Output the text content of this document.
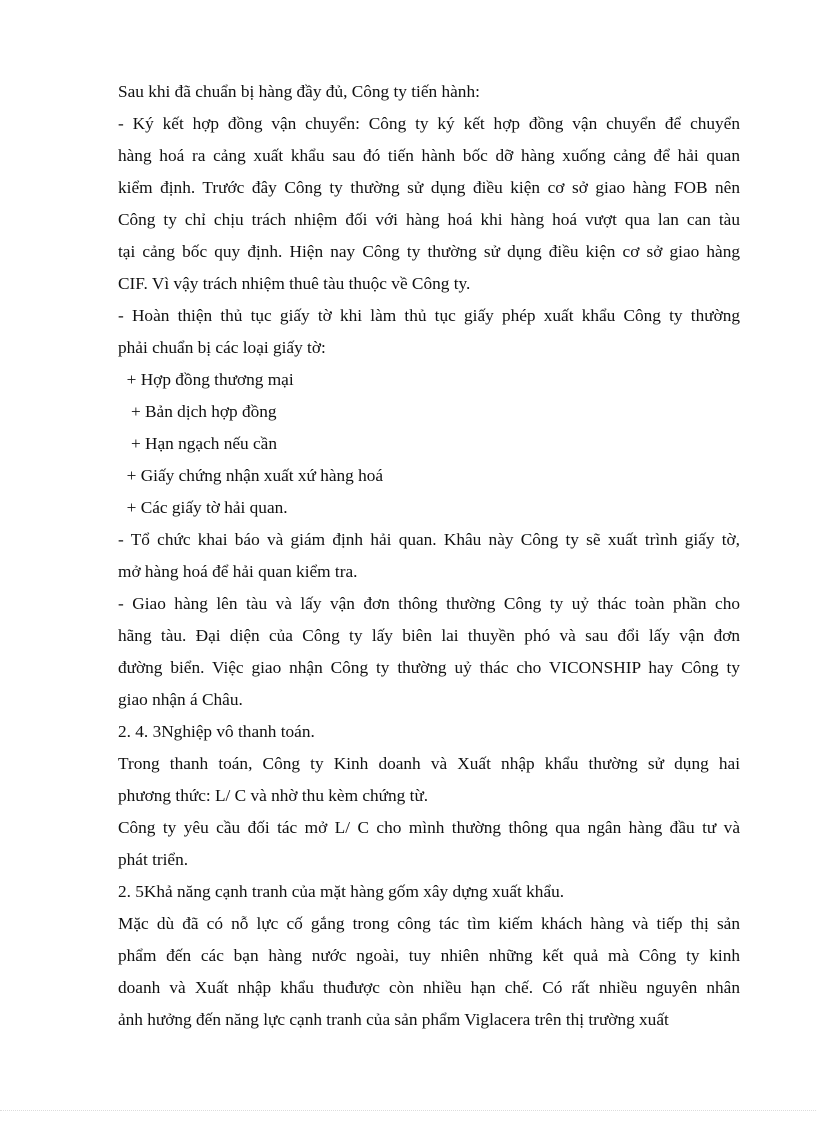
Sau khi đã chuẩn bị hàng đầy đủ, Công ty tiến hành:
- Ký kết hợp đồng vận chuyển: Công ty ký kết hợp đồng vận chuyển để chuyển
hàng hoá ra cảng xuất khẩu sau đó tiến hành bốc dỡ hàng xuống cảng để hải quan
kiểm định. Trước đây Công ty thường sử dụng điều kiện cơ sở giao hàng FOB nên
Công ty chỉ chịu trách nhiệm đối với hàng hoá khi hàng hoá vượt qua lan can tàu
tại cảng bốc quy định. Hiện nay Công ty thường sử dụng điều kiện cơ sở giao hàng
CIF. Vì vậy trách nhiệm thuê tàu thuộc về Công ty.
- Hoàn thiện thủ tục giấy tờ khi làm thủ tục giấy phép xuất khẩu Công ty thường
phải chuẩn bị các loại giấy tờ:
+ Hợp đồng thương mại
+ Bản dịch hợp đồng
+ Hạn ngạch nếu cần
+ Giấy chứng nhận xuất xứ hàng hoá
+ Các giấy tờ hải quan.
- Tổ chức khai báo và giám định hải quan. Khâu này Công ty sẽ xuất trình giấy tờ,
mở hàng hoá để hải quan kiểm tra.
- Giao hàng lên tàu và lấy vận đơn thông thường Công ty uỷ thác toàn phần cho
hãng tàu. Đại diện của Công ty lấy biên lai thuyền phó và sau đổi lấy vận đơn
đường biển. Việc giao nhận Công ty thường uỷ thác cho VICONSHIP hay Công ty
giao nhận á Châu.
2. 4. 3Nghiệp vô thanh toán.
Trong thanh toán, Công ty Kinh doanh và Xuất nhập khẩu thường sử dụng hai
phương thức: L/ C và nhờ thu kèm chứng từ.
Công ty yêu cầu đối tác mở L/ C cho mình thường thông qua ngân hàng đầu tư và
phát triển.
2. 5Khả năng cạnh tranh của mặt hàng gốm xây dựng xuất khẩu.
Mặc dù đã có nỗ lực cố gắng trong công tác tìm kiếm khách hàng và tiếp thị sản
phẩm đến các bạn hàng nước ngoài, tuy nhiên những kết quả mà Công ty kinh
doanh và Xuất nhập khẩu thuđược còn nhiều hạn chế. Có rất nhiều nguyên nhân
ảnh hưởng đến năng lực cạnh tranh của sản phẩm Viglacera trên thị trường xuất
